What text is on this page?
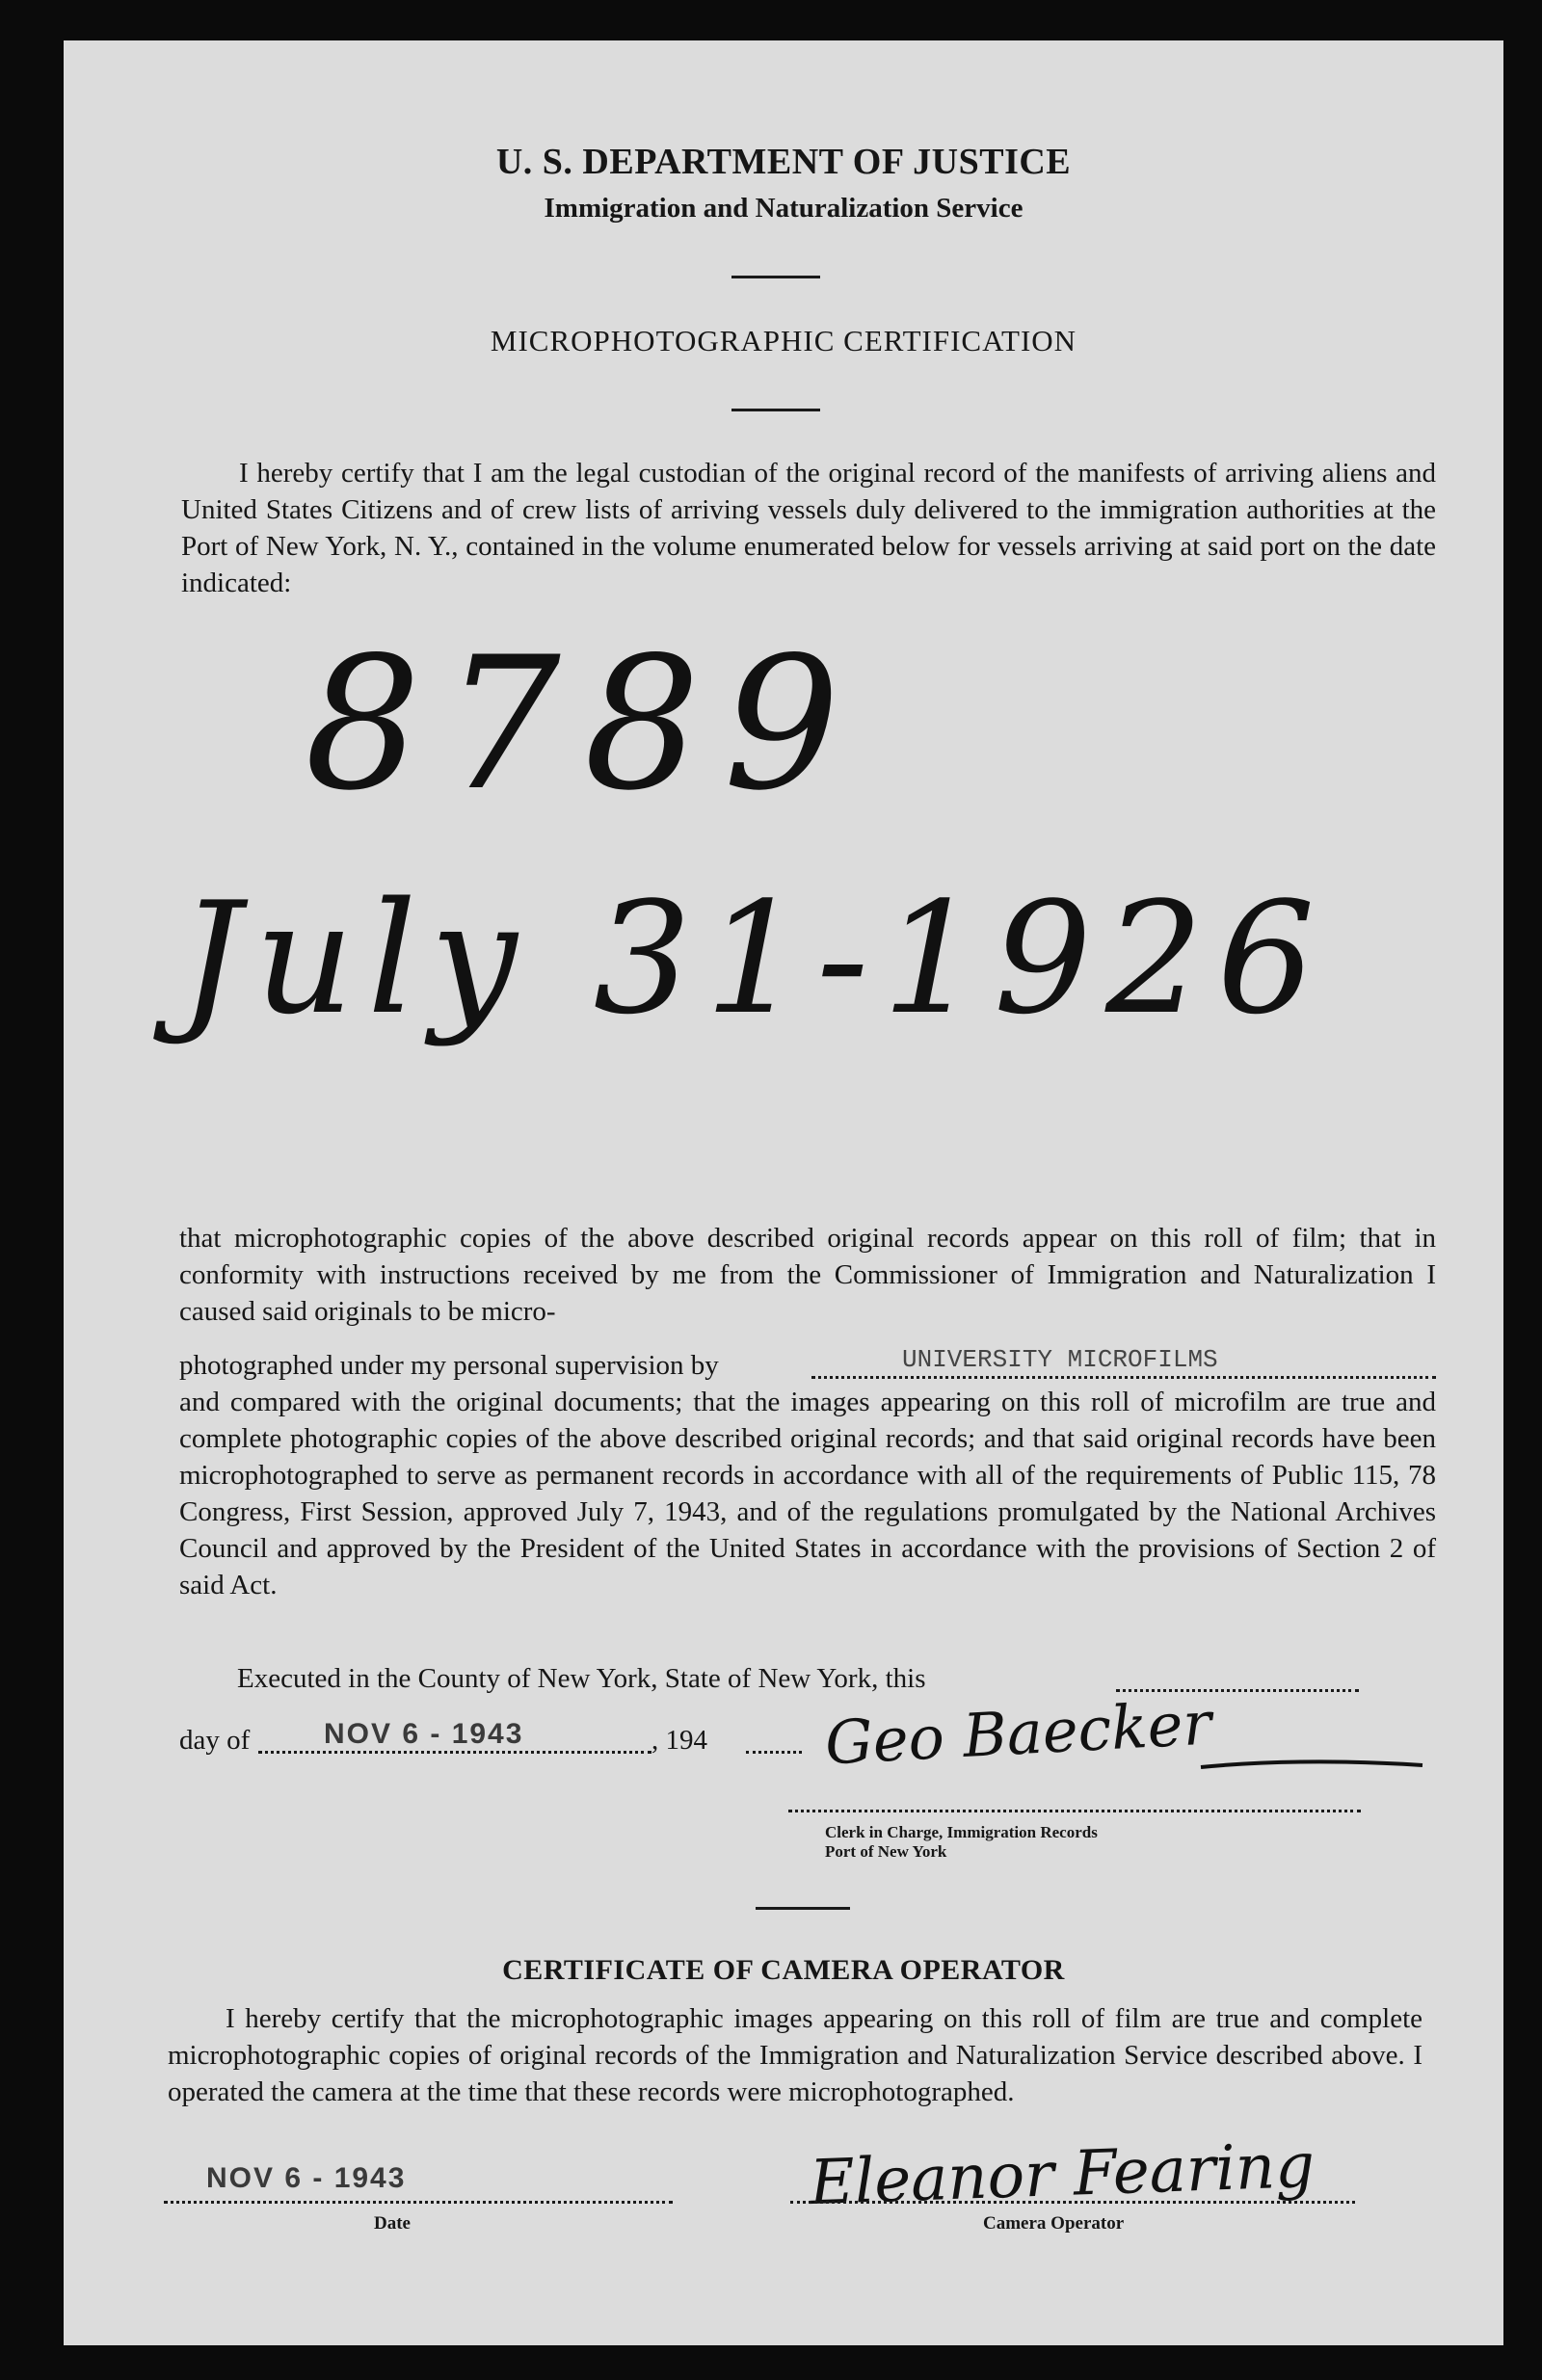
U. S. DEPARTMENT OF JUSTICE
Immigration and Naturalization Service
MICROPHOTOGRAPHIC CERTIFICATION

I hereby certify that I am the legal custodian of the original record of the manifests of arriving aliens and United States Citizens and of crew lists of arriving vessels duly delivered to the immigration authorities at the Port of New York, N. Y., contained in the volume enumerated below for vessels arriving at said port on the date indicated:

8789
July 31-1926
that microphotographic copies of the above described original records appear on this roll of film; that in conformity with instructions received by me from the Commissioner of Immigration and Naturalization I caused said originals to be micro-
photographed under my personal supervision by	UNIVERSITY MICROFILMS
and compared with the original documents; that the images appearing on this roll of microfilm are true and complete photographic copies of the above described original records; and that said original records have been microphotographed to serve as permanent records in accordance with all of the requirements of Public 115, 78 Congress, First Session, approved July 7, 1943, and of the regulations promulgated by the National Archives Council and approved by the President of the United States in accordance with the provisions of Section 2 of said Act.
Executed in the County of New York, State of New York, this
day of	NOV 6 - 1943	, 194 Geo Baecker
Clerk in Charge, Immigration Records
Port of New York
CERTIFICATE OF CAMERA OPERATOR

I hereby certify that the microphotographic images appearing on this roll of film are true and complete microphotographic copies of original records of the Immigration and Naturalization Service described above. I operated the camera at the time that these records were microphotographed.

NOV 6 - 1943
Date
Eleanor Fearing
Camera Operator
